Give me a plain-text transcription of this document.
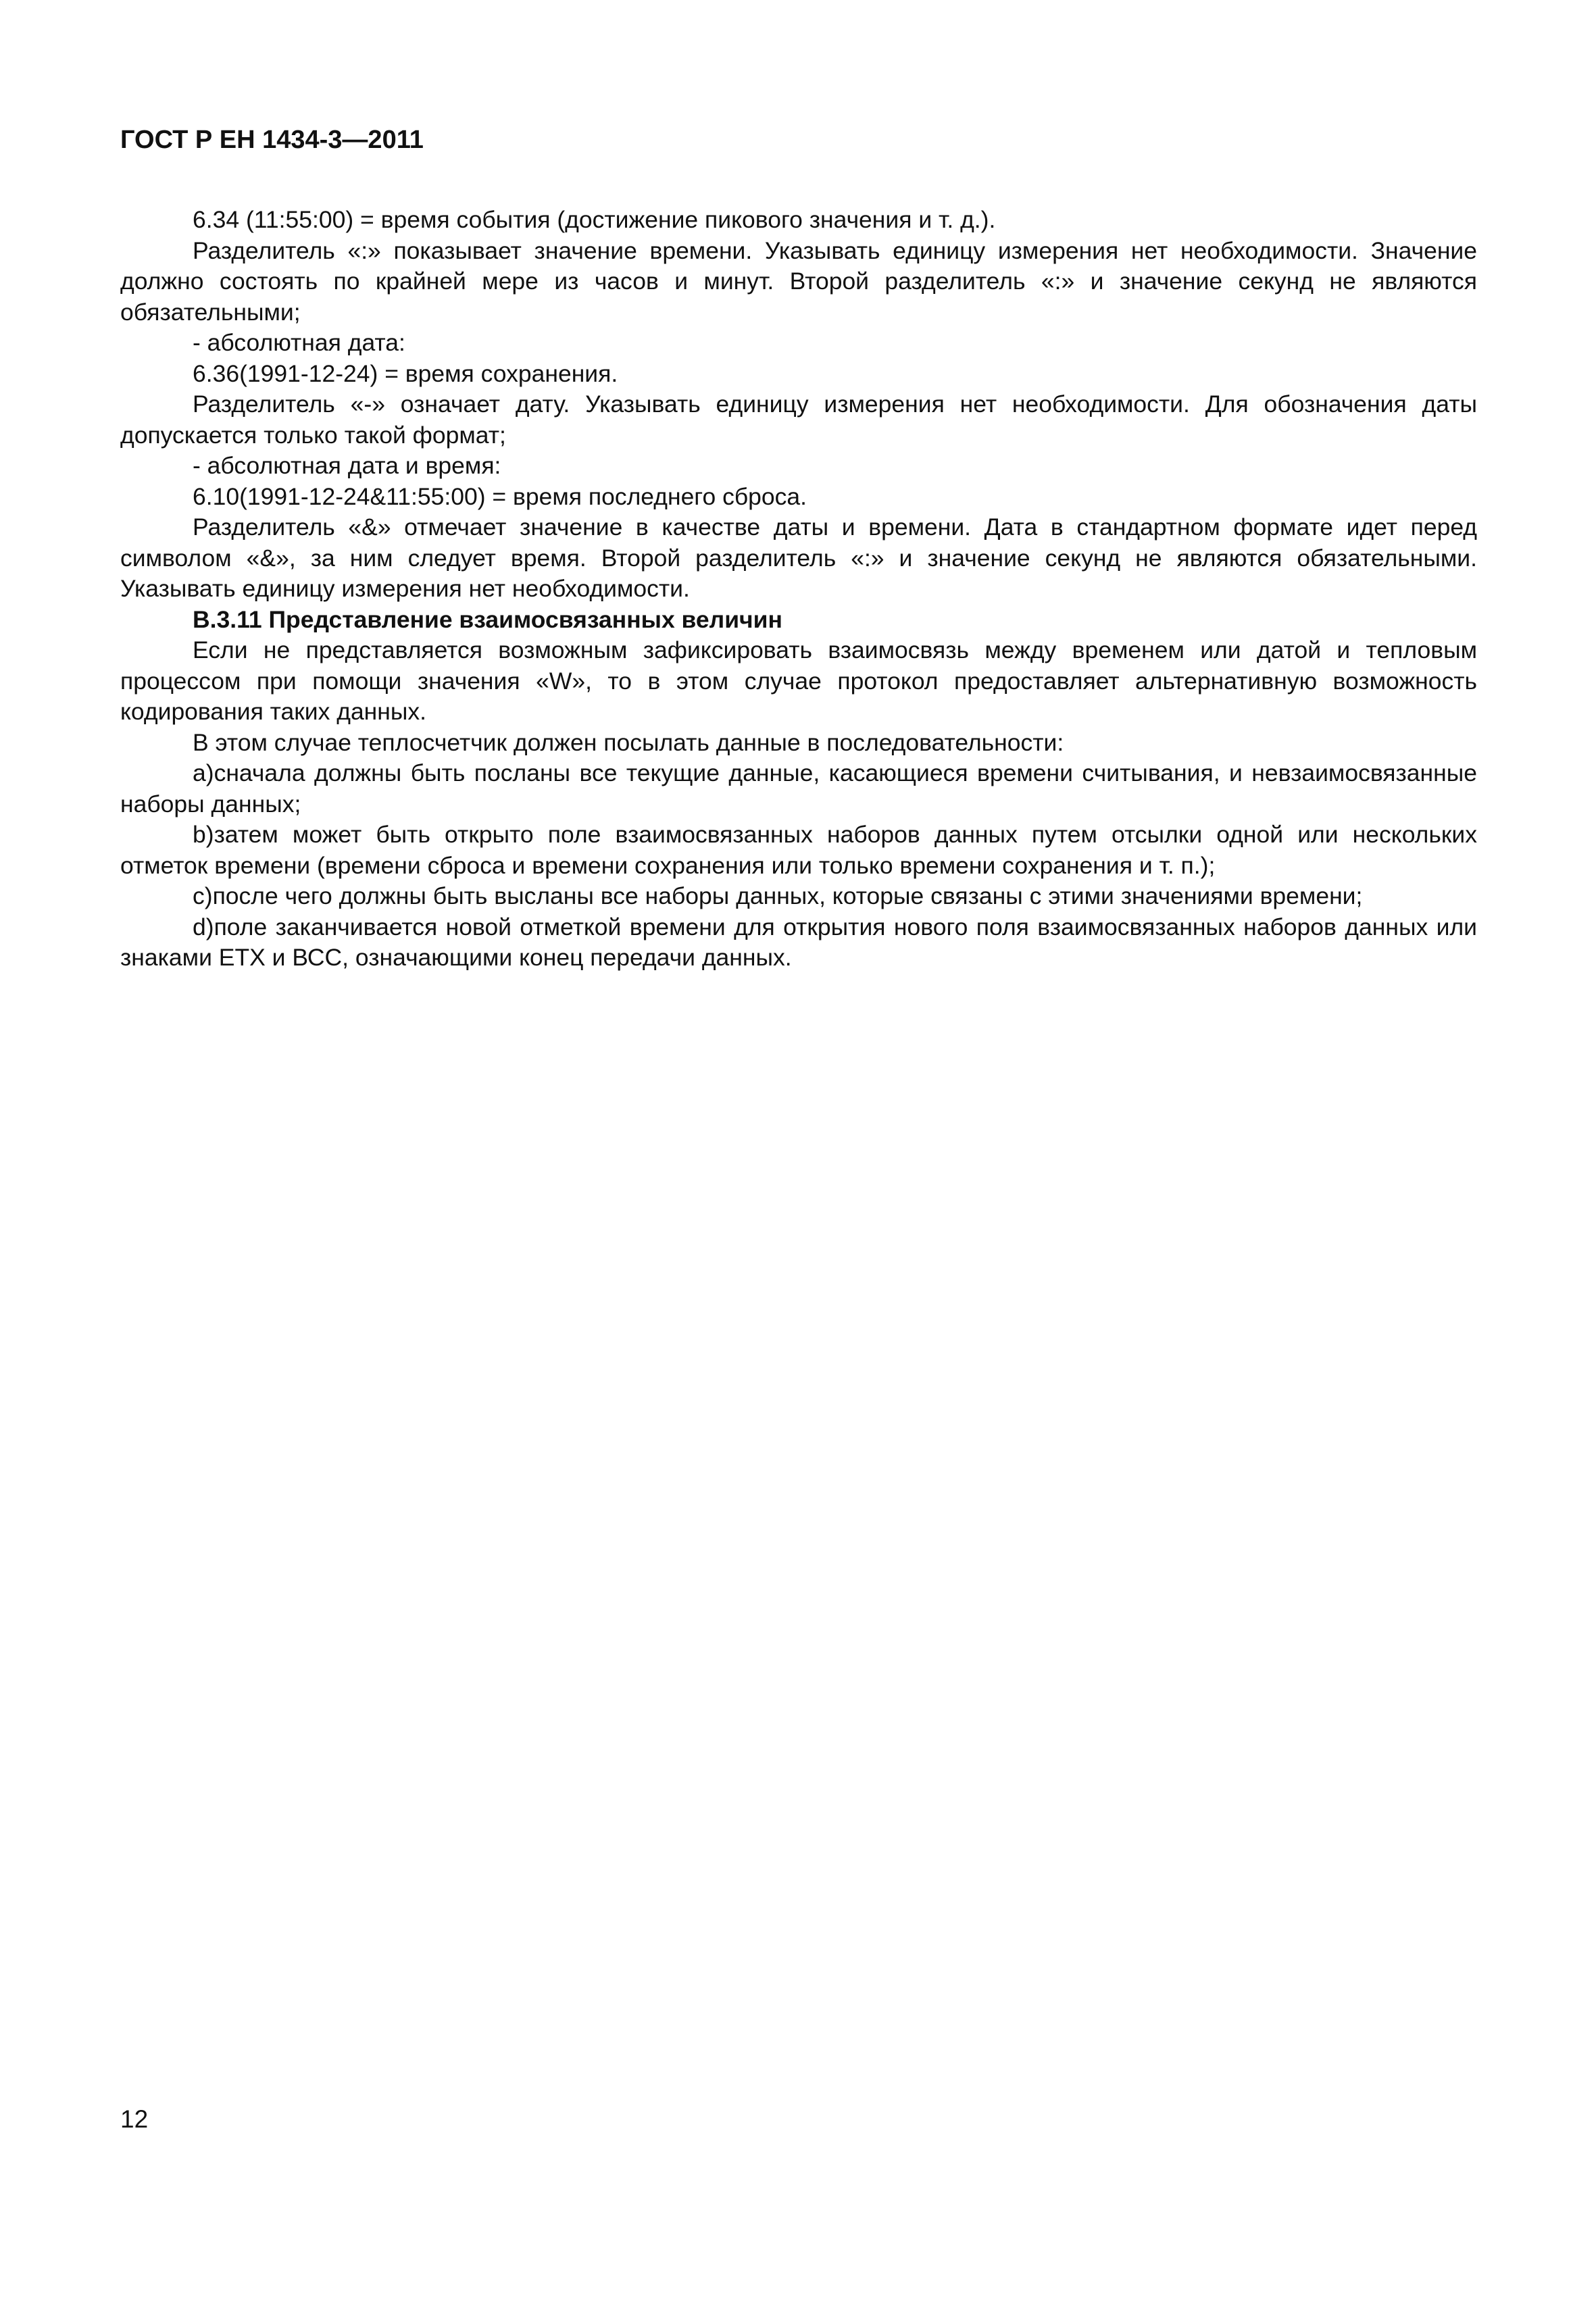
ГОСТ Р ЕН 1434-3—2011

6.34 (11:55:00) = время события (достижение пикового значения и т. д.).

Разделитель «:» показывает значение времени. Указывать единицу измерения нет необходимости. Значение должно состоять по крайней мере из часов и минут. Второй разделитель «:» и значение секунд не являются обязательными;

- абсолютная дата:

6.36(1991-12-24) = время сохранения.

Разделитель «-» означает дату. Указывать единицу измерения нет необходимости. Для обозначения даты допускается только такой формат;

- абсолютная дата и время:

6.10(1991-12-24&11:55:00) = время последнего сброса.

Разделитель «&» отмечает значение в качестве даты и времени. Дата в стандартном формате идет перед символом «&», за ним следует время. Второй разделитель «:» и значение секунд не являются обязательными. Указывать единицу измерения нет необходимости.

В.3.11 Представление взаимосвязанных величин

Если не представляется возможным зафиксировать взаимосвязь между временем или датой и тепловым процессом при помощи значения «W», то в этом случае протокол предоставляет альтернативную возможность кодирования таких данных.

В этом случае теплосчетчик должен посылать данные в последовательности:

а)сначала должны быть посланы все текущие данные, касающиеся времени считывания, и невзаимосвязанные наборы данных;

b)затем может быть открыто поле взаимосвязанных наборов данных путем отсылки одной или нескольких отметок времени (времени сброса и времени сохранения или только времени сохранения и т. п.);

c)после чего должны быть высланы все наборы данных, которые связаны с этими значениями времени;

d)поле заканчивается новой отметкой времени для открытия нового поля взаимосвязанных наборов данных или знаками ЕТХ и ВСС, означающими конец передачи данных.

12
